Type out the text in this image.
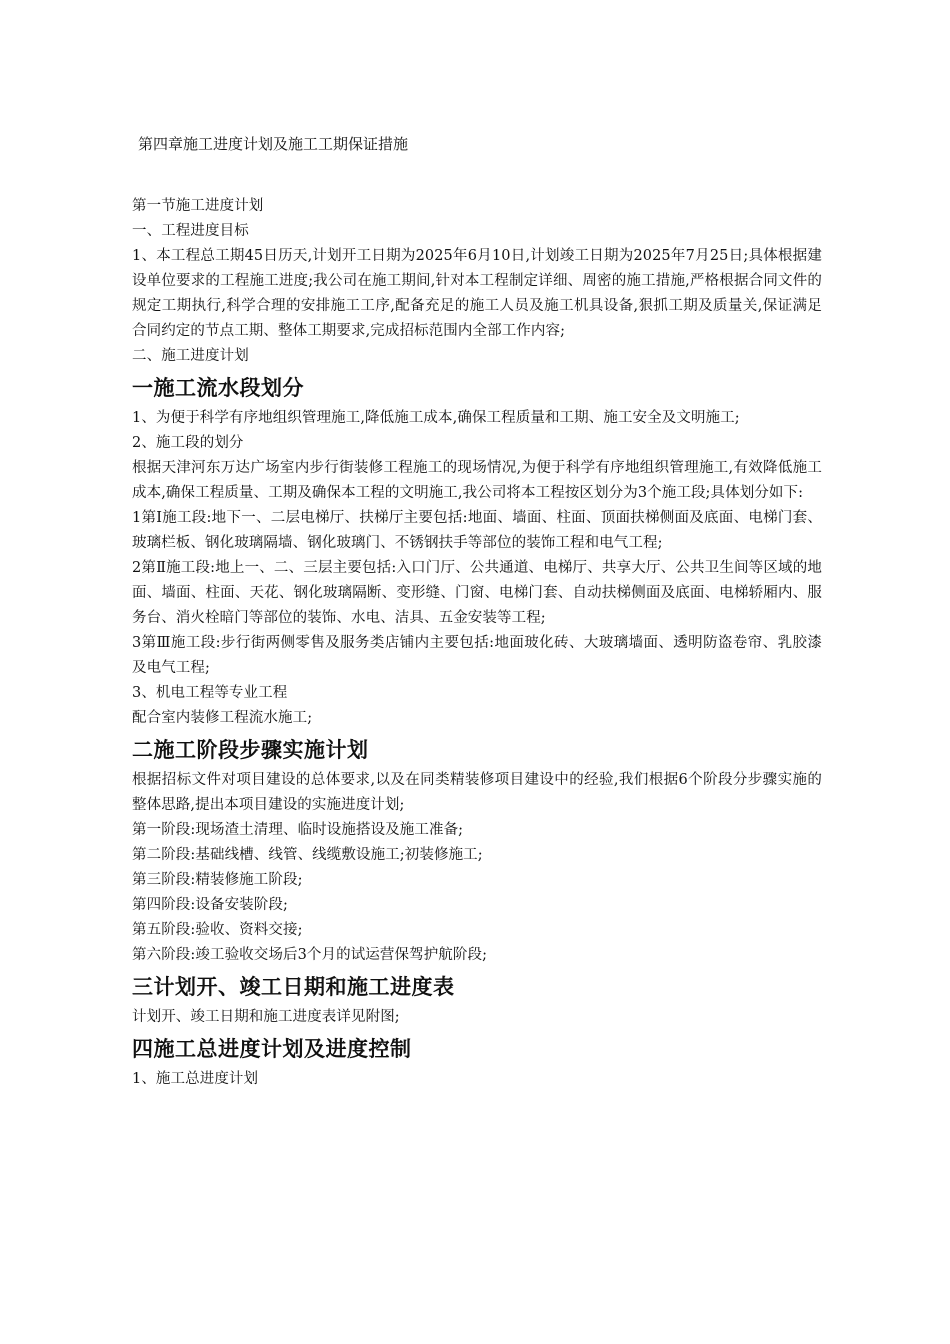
第四章施工进度计划及施工工期保证措施

第一节施工进度计划

一、工程进度目标

1、本工程总工期45日历天,计划开工日期为2025年6月10日,计划竣工日期为2025年7月25日;具体根据建设单位要求的工程施工进度;我公司在施工期间,针对本工程制定详细、周密的施工措施,严格根据合同文件的规定工期执行,科学合理的安排施工工序,配备充足的施工人员及施工机具设备,狠抓工期及质量关,保证满足合同约定的节点工期、整体工期要求,完成招标范围内全部工作内容;

二、施工进度计划

一施工流水段划分

1、为便于科学有序地组织管理施工,降低施工成本,确保工程质量和工期、施工安全及文明施工;

2、施工段的划分

根据天津河东万达广场室内步行街装修工程施工的现场情况,为便于科学有序地组织管理施工,有效降低施工成本,确保工程质量、工期及确保本工程的文明施工,我公司将本工程按区划分为3个施工段;具体划分如下:

1第Ⅰ施工段:地下一、二层电梯厅、扶梯厅主要包括:地面、墙面、柱面、顶面扶梯侧面及底面、电梯门套、玻璃栏板、钢化玻璃隔墙、钢化玻璃门、不锈钢扶手等部位的装饰工程和电气工程;

2第Ⅱ施工段:地上一、二、三层主要包括:入口门厅、公共通道、电梯厅、共享大厅、公共卫生间等区域的地面、墙面、柱面、天花、钢化玻璃隔断、变形缝、门窗、电梯门套、自动扶梯侧面及底面、电梯轿厢内、服务台、消火栓暗门等部位的装饰、水电、洁具、五金安装等工程;

3第Ⅲ施工段:步行街两侧零售及服务类店铺内主要包括:地面玻化砖、大玻璃墙面、透明防盗卷帘、乳胶漆及电气工程;

3、机电工程等专业工程

配合室内装修工程流水施工;

二施工阶段步骤实施计划

根据招标文件对项目建设的总体要求,以及在同类精装修项目建设中的经验,我们根据6个阶段分步骤实施的整体思路,提出本项目建设的实施进度计划;

第一阶段:现场渣土清理、临时设施搭设及施工准备;

第二阶段:基础线槽、线管、线缆敷设施工;初装修施工;

第三阶段:精装修施工阶段;

第四阶段:设备安装阶段;

第五阶段:验收、资料交接;

第六阶段:竣工验收交场后3个月的试运营保驾护航阶段;

三计划开、竣工日期和施工进度表

计划开、竣工日期和施工进度表详见附图;

四施工总进度计划及进度控制

1、施工总进度计划
